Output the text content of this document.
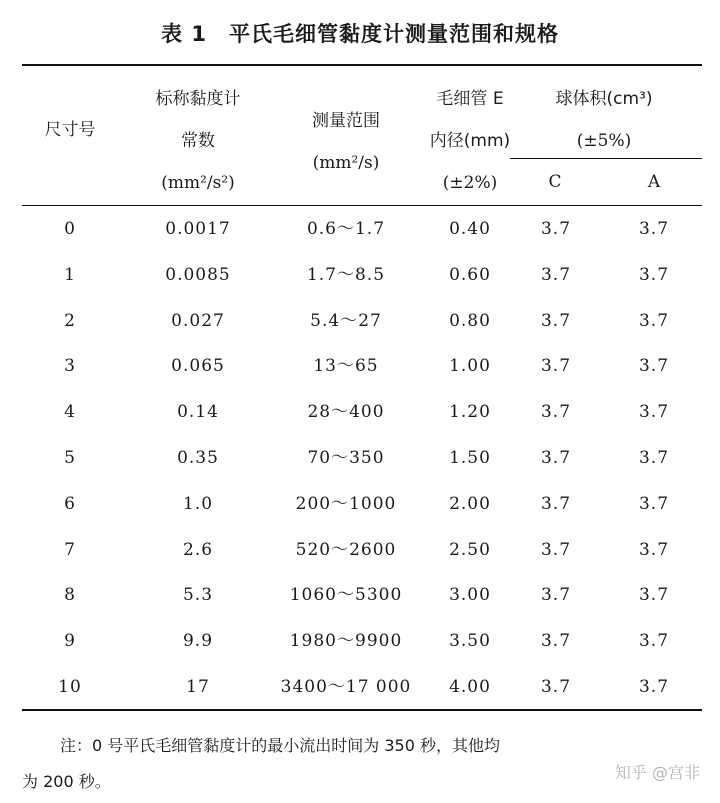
表 1　平氏毛细管黏度计测量范围和规格
尺寸号
标称黏度计
常数
(mm²/s²)
测量范围
(mm²/s)
毛细管 E
内径(mm)
(±2%)
球体积(cm³)
(±5%)
C	A
0	0.0017	0.6～1.7	0.40	3.7	3.7
1	0.0085	1.7～8.5	0.60	3.7	3.7
2	0.027	5.4～27	0.80	3.7	3.7
3	0.065	13～65	1.00	3.7	3.7
4	0.14	28～400	1.20	3.7	3.7
5	0.35	70～350	1.50	3.7	3.7
6	1.0	200～1000	2.00	3.7	3.7
7	2.6	520～2600	2.50	3.7	3.7
8	5.3	1060～5300	3.00	3.7	3.7
9	9.9	1980～9900	3.50	3.7	3.7
10	17	3400～17 000	4.00	3.7	3.7
注：0 号平氏毛细管黏度计的最小流出时间为 350 秒，其他均
为 200 秒。	知乎 @宫非
